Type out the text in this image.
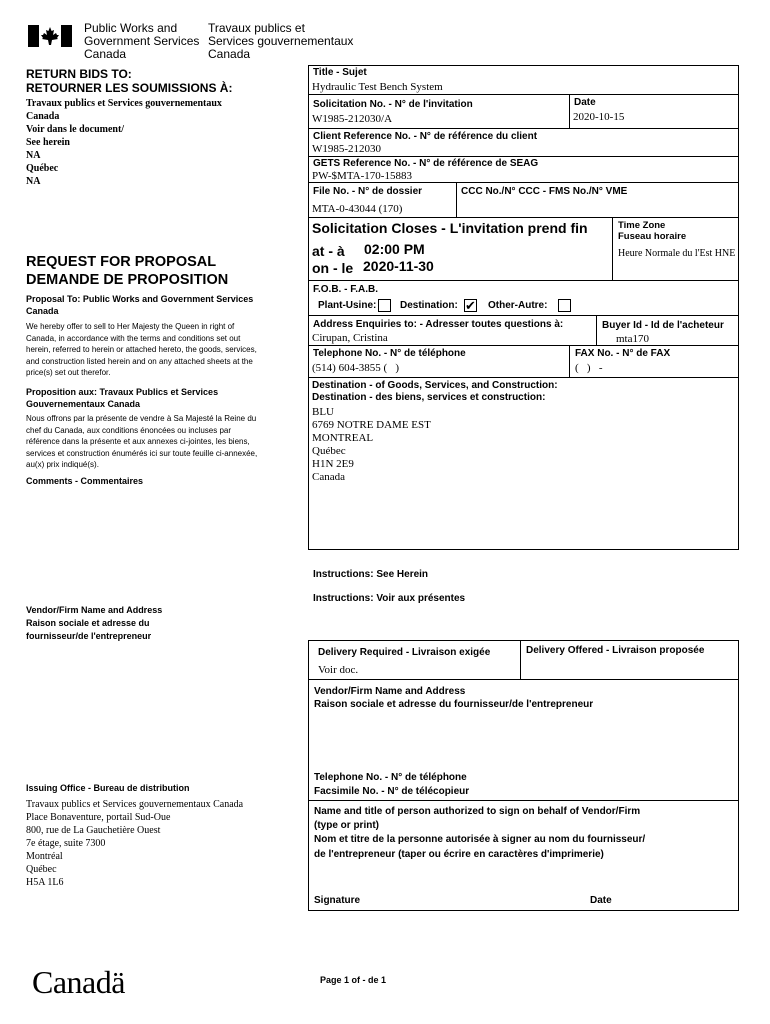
Public Works and
Government Services
Canada
Travaux publics et
Services gouvernementaux
Canada
RETURN BIDS TO:
RETOURNER LES SOUMISSIONS À:
Travaux publics et Services gouvernementaux
Canada
Voir dans le document/
See herein
NA
Québec
NA
REQUEST FOR PROPOSAL
DEMANDE DE PROPOSITION
Proposal To: Public Works and Government Services Canada
We hereby offer to sell to Her Majesty the Queen in right of Canada, in accordance with the terms and conditions set out herein, referred to herein or attached hereto, the goods, services, and construction listed herein and on any attached sheets at the price(s) set out therefor.
Proposition aux: Travaux Publics et Services Gouvernementaux Canada
Nous offrons par la présente de vendre à Sa Majesté la Reine du chef du Canada, aux conditions énoncées ou incluses par référence dans la présente et aux annexes ci-jointes, les biens, services et construction énumérés ici sur toute feuille ci-annexée, au(x) prix indiqué(s).
Comments - Commentaires
Vendor/Firm Name and Address
Raison sociale et adresse du
fournisseur/de l'entrepreneur
Issuing Office - Bureau de distribution
Travaux publics et Services gouvernementaux Canada
Place Bonaventure, portail Sud-Oue
800, rue de La Gauchetière Ouest
7e étage, suite 7300
Montréal
Québec
H5A 1L6
Canadä
Title - Sujet
Hydraulic Test Bench System
Solicitation No. - N° de l'invitation
W1985-212030/A
Date
2020-10-15
Client Reference No. - N° de référence du client
W1985-212030
GETS Reference No. - N° de référence de SEAG
PW-$MTA-170-15883
File No. - N° de dossier
MTA-0-43044 (170)
CCC No./N° CCC - FMS No./N° VME
Solicitation Closes - L'invitation prend fin
at - à 02:00 PM
on - le 2020-11-30
Time Zone
Fuseau horaire
Heure Normale du l'Est HNE
F.O.B. - F.A.B.
Plant-Usine: Destination: ✔ Other-Autre:
Address Enquiries to: - Adresser toutes questions à:
Cirupan, Cristina
Buyer Id - Id de l'acheteur
mta170
Telephone No. - N° de téléphone
(514) 604-3855 (   )
FAX No. - N° de FAX
(   )   -
Destination - of Goods, Services, and Construction:
Destination - des biens, services et construction:
BLU
6769 NOTRE DAME EST
MONTREAL
Québec
H1N 2E9
Canada
Instructions: See Herein
Instructions: Voir aux présentes
Delivery Required - Livraison exigée
Voir doc.
Delivery Offered - Livraison proposée
Vendor/Firm Name and Address
Raison sociale et adresse du fournisseur/de l'entrepreneur
Telephone No. - N° de téléphone
Facsimile No. - N° de télécopieur
Name and title of person authorized to sign on behalf of Vendor/Firm
(type or print)
Nom et titre de la personne autorisée à signer au nom du fournisseur/
de l'entrepreneur (taper ou écrire en caractères d'imprimerie)
Signature	Date
Page 1 of - de 1
